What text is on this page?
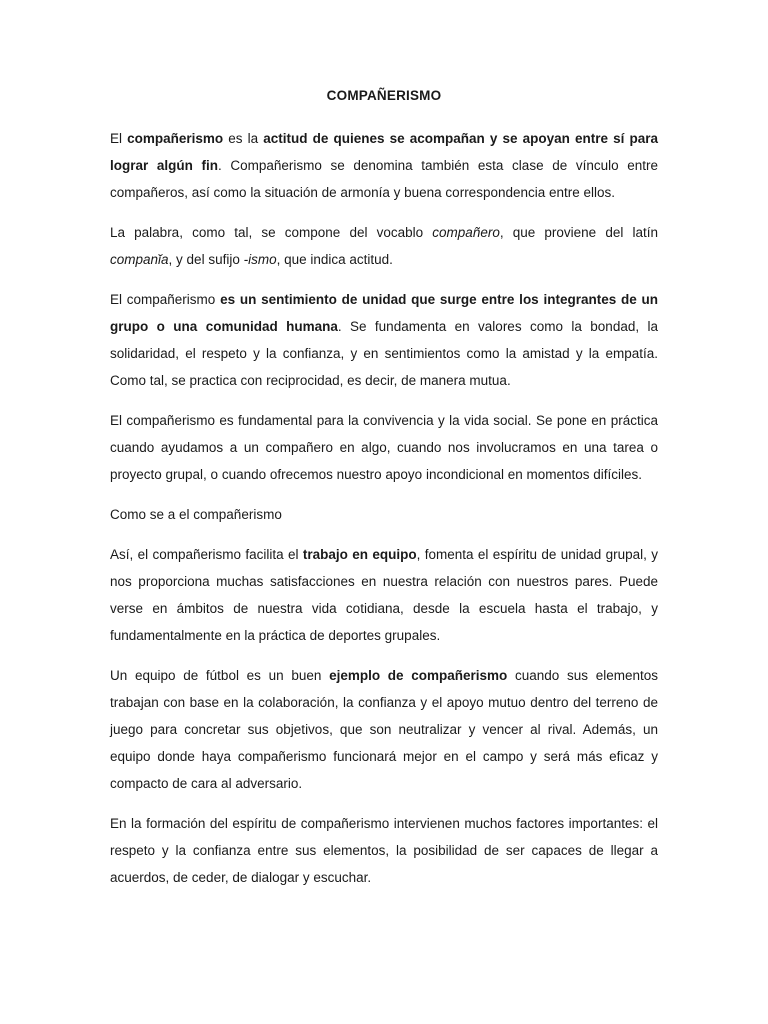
COMPAÑERISMO

El compañerismo es la actitud de quienes se acompañan y se apoyan entre sí para lograr algún fin. Compañerismo se denomina también esta clase de vínculo entre compañeros, así como la situación de armonía y buena correspondencia entre ellos.

La palabra, como tal, se compone del vocablo compañero, que proviene del latín companĭa, y del sufijo -ismo, que indica actitud.

El compañerismo es un sentimiento de unidad que surge entre los integrantes de un grupo o una comunidad humana. Se fundamenta en valores como la bondad, la solidaridad, el respeto y la confianza, y en sentimientos como la amistad y la empatía. Como tal, se practica con reciprocidad, es decir, de manera mutua.

El compañerismo es fundamental para la convivencia y la vida social. Se pone en práctica cuando ayudamos a un compañero en algo, cuando nos involucramos en una tarea o proyecto grupal, o cuando ofrecemos nuestro apoyo incondicional en momentos difíciles.

Como se a el compañerismo

Así, el compañerismo facilita el trabajo en equipo, fomenta el espíritu de unidad grupal, y nos proporciona muchas satisfacciones en nuestra relación con nuestros pares. Puede verse en ámbitos de nuestra vida cotidiana, desde la escuela hasta el trabajo, y fundamentalmente en la práctica de deportes grupales.

Un equipo de fútbol es un buen ejemplo de compañerismo cuando sus elementos trabajan con base en la colaboración, la confianza y el apoyo mutuo dentro del terreno de juego para concretar sus objetivos, que son neutralizar y vencer al rival. Además, un equipo donde haya compañerismo funcionará mejor en el campo y será más eficaz y compacto de cara al adversario.

En la formación del espíritu de compañerismo intervienen muchos factores importantes: el respeto y la confianza entre sus elementos, la posibilidad de ser capaces de llegar a acuerdos, de ceder, de dialogar y escuchar.
